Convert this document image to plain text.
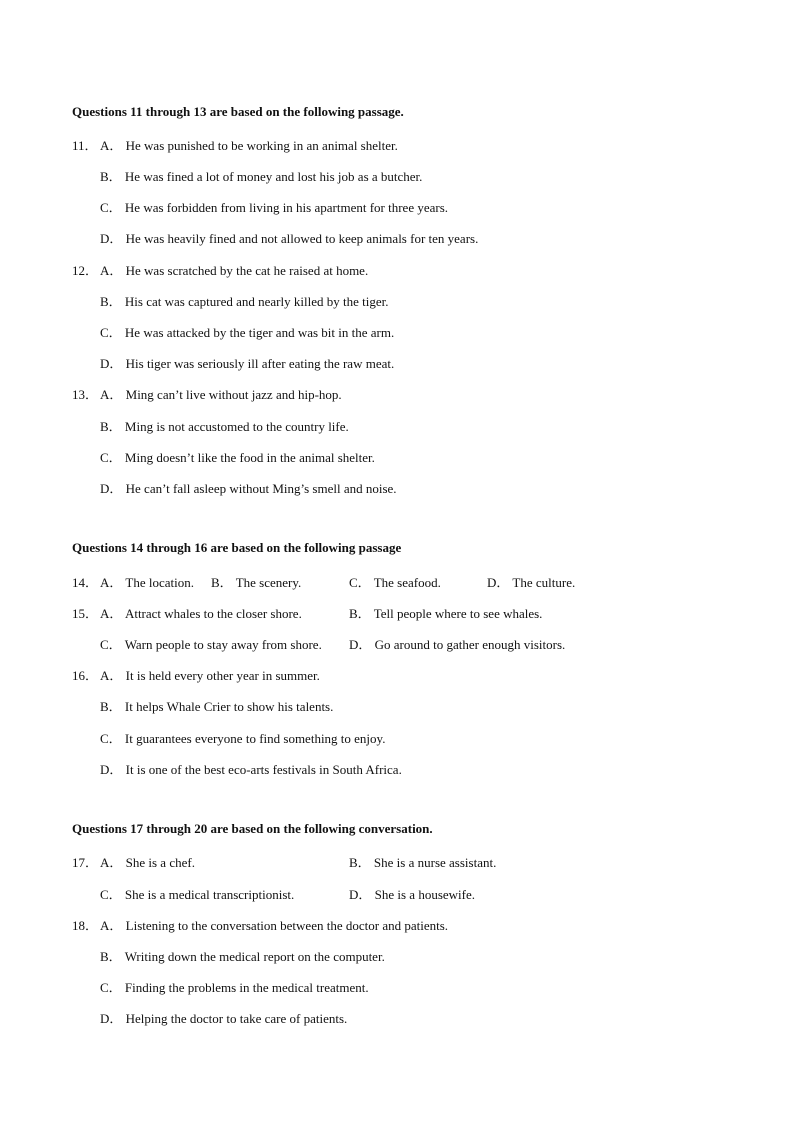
Questions 11 through 13 are based on the following passage.
11． A． He was punished to be working in an animal shelter.
B． He was fined a lot of money and lost his job as a butcher.
C． He was forbidden from living in his apartment for three years.
D． He was heavily fined and not allowed to keep animals for ten years.
12． A． He was scratched by the cat he raised at home.
B． His cat was captured and nearly killed by the tiger.
C． He was attacked by the tiger and was bit in the arm.
D． His tiger was seriously ill after eating the raw meat.
13． A． Ming can’t live without jazz and hip-hop.
B． Ming is not accustomed to the country life.
C． Ming doesn’t like the food in the animal shelter.
D． He can’t fall asleep without Ming’s smell and noise.
Questions 14 through 16 are based on the following passage
14． A． The location. B． The scenery.	C． The seafood.	D． The culture.
15． A． Attract whales to the closer shore.	B． Tell people where to see whales.
C． Warn people to stay away from shore. D． Go around to gather enough visitors.
16． A． It is held every other year in summer.
B． It helps Whale Crier to show his talents.
C． It guarantees everyone to find something to enjoy.
D． It is one of the best eco-arts festivals in South Africa.
Questions 17 through 20 are based on the following conversation.
17． A． She is a chef.	B． She is a nurse assistant.
C． She is a medical transcriptionist.	D． She is a housewife.
18． A． Listening to the conversation between the doctor and patients.
B． Writing down the medical report on the computer.
C． Finding the problems in the medical treatment.
D． Helping the doctor to take care of patients.
